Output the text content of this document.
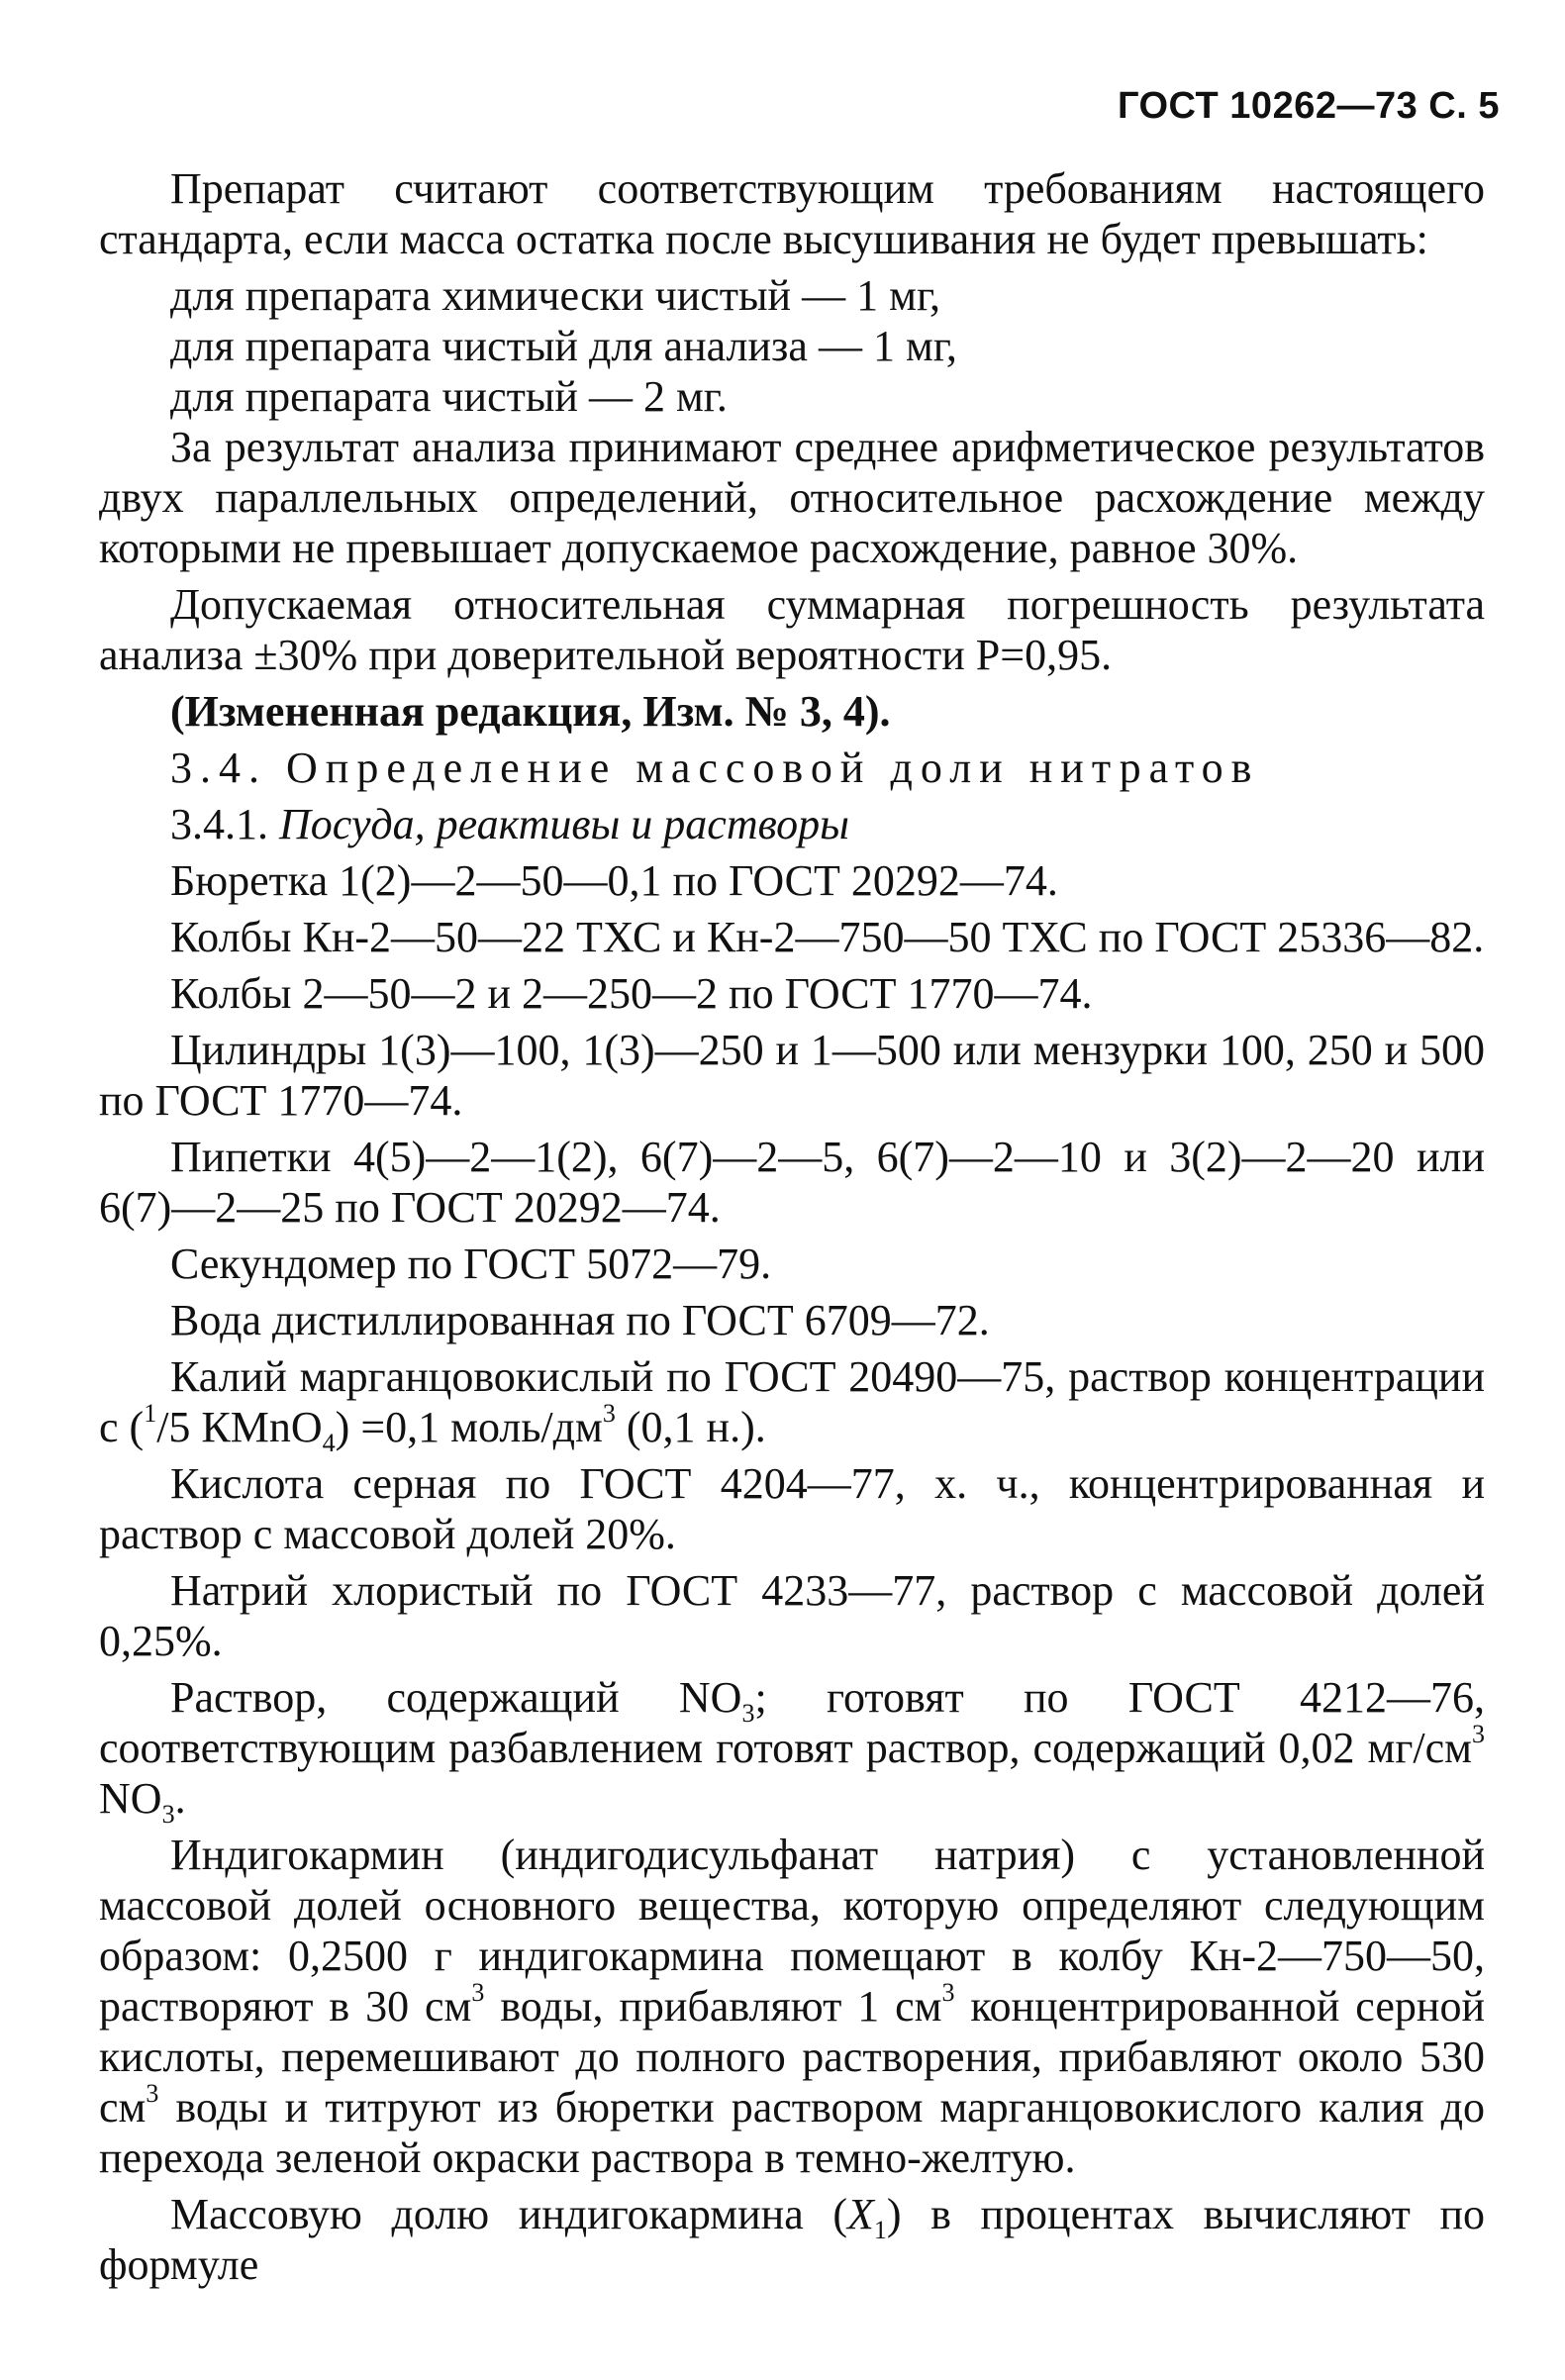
ГОСТ 10262—73 С. 5

Препарат считают соответствующим требованиям настоящего стандарта, если масса остатка после высушивания не будет превышать:

для препарата химически чистый — 1 мг,

для препарата чистый для анализа — 1 мг,

для препарата чистый — 2 мг.

За результат анализа принимают среднее арифметическое результатов двух параллельных определений, относительное расхождение между которыми не превышает допускаемое расхождение, равное 30%.

Допускаемая относительная суммарная погрешность результата анализа ±30% при доверительной вероятности Р=0,95.

(Измененная редакция, Изм. № 3, 4).

3.4. Определение массовой доли нитратов

3.4.1. Посуда, реактивы и растворы

Бюретка 1(2)—2—50—0,1 по ГОСТ 20292—74.

Колбы Кн-2—50—22 ТХС и Кн-2—750—50 ТХС по ГОСТ 25336—82.

Колбы 2—50—2 и 2—250—2 по ГОСТ 1770—74.

Цилиндры 1(3)—100, 1(3)—250 и 1—500 или мензурки 100, 250 и 500 по ГОСТ 1770—74.

Пипетки 4(5)—2—1(2), 6(7)—2—5, 6(7)—2—10 и 3(2)—2—20 или 6(7)—2—25 по ГОСТ 20292—74.

Секундомер по ГОСТ 5072—79.

Вода дистиллированная по ГОСТ 6709—72.

Калий марганцовокислый по ГОСТ 20490—75, раствор концентрации с ($^1$/5 КMnO$_4$) =0,1 моль/$дм^3$ (0,1 н.).

Кислота серная по ГОСТ 4204—77, х. ч., концентрированная и раствор с массовой долей 20%.

Натрий хлористый по ГОСТ 4233—77, раствор с массовой долей 0,25%.

Раствор, содержащий $NO_3$; готовят по ГОСТ 4212—76, соответствующим разбавлением готовят раствор, содержащий 0,02 $мг/см^3$ $NO_3$.

Индигокармин (индигодисульфанат натрия) с установленной массовой долей основного вещества, которую определяют следующим образом: 0,2500 г индигокармина помещают в колбу Кн-2—750—50, растворяют в 30 $см^3$ воды, прибавляют 1 $см^3$ концентрированной серной кислоты, перемешивают до полного растворения, прибавляют около 530 $см^3$ воды и титруют из бюретки раствором марганцовокислого калия до перехода зеленой окраски раствора в темно-желтую.

Массовую долю индигокармина $(X_1)$ в процентах вычисляют по формуле
